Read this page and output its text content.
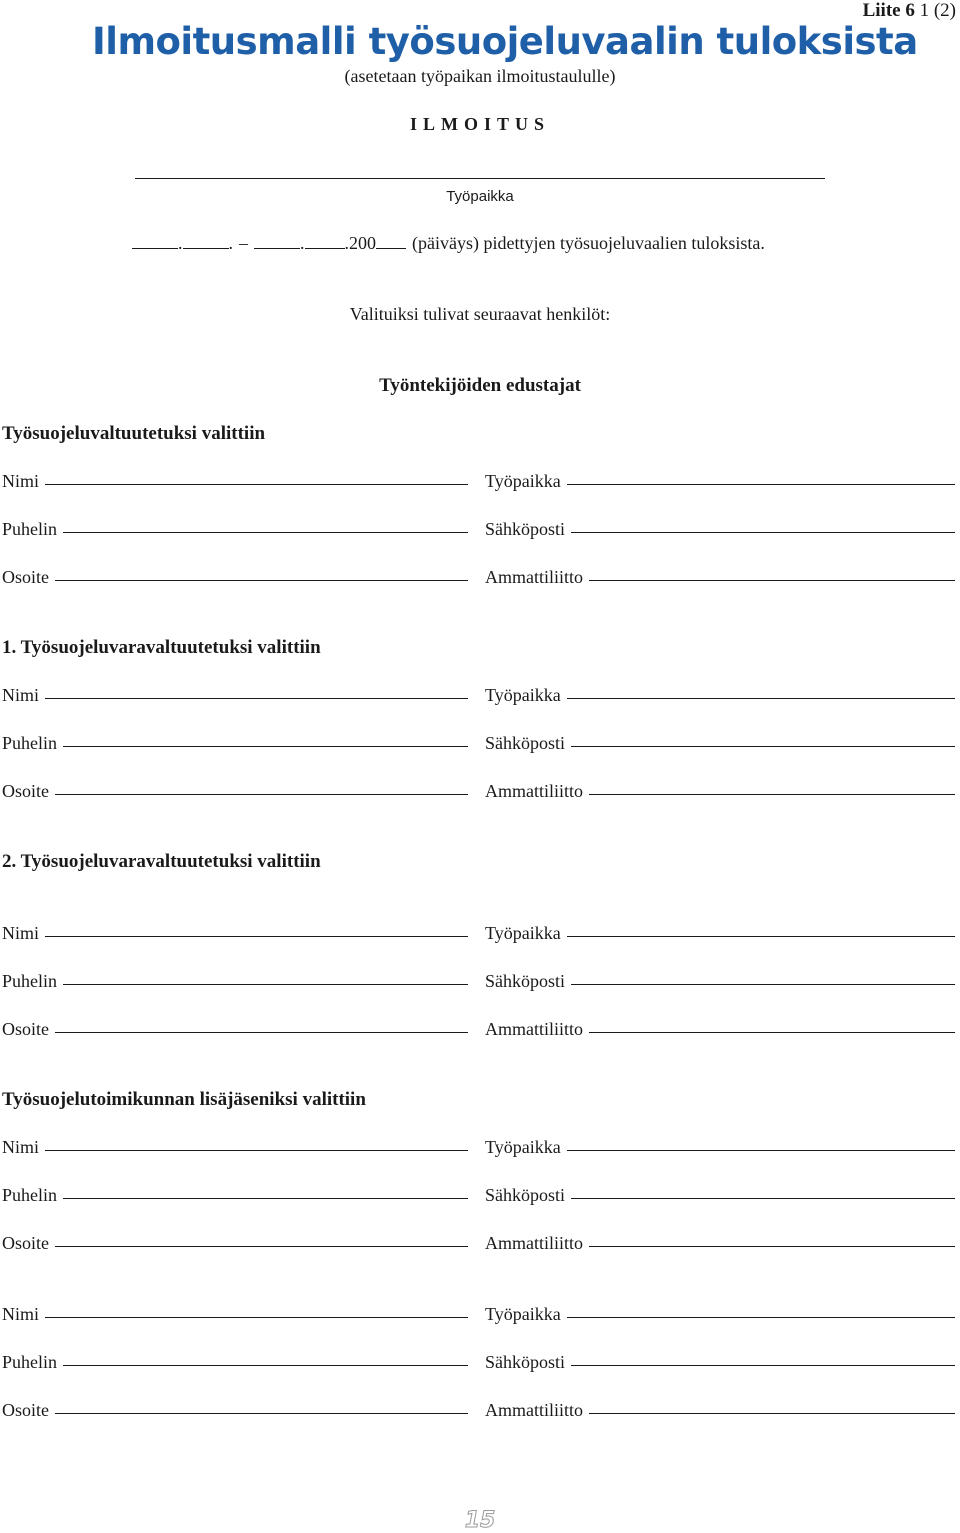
Liite 6 1 (2)
Ilmoitusmalli työsuojeluvaalin tuloksista
(asetetaan työpaikan ilmoitustaululle)
ILMOITUS
Työpaikka
.	. –	. .200 (päiväys) pidettyjen työsuojeluvaalien tuloksista.
Valituiksi tulivat seuraavat henkilöt:
Työntekijöiden edustajat
Työsuojeluvaltuutetuksi valittiin
Nimi	Työpaikka
Puhelin	Sähköposti
Osoite	Ammattiliitto
1. Työsuojeluvaravaltuutetuksi valittiin
Nimi	Työpaikka
Puhelin	Sähköposti
Osoite	Ammattiliitto
2. Työsuojeluvaravaltuutetuksi valittiin
Nimi	Työpaikka
Puhelin	Sähköposti
Osoite	Ammattiliitto
Työsuojelutoimikunnan lisäjäseniksi valittiin
Nimi	Työpaikka
Puhelin	Sähköposti
Osoite	Ammattiliitto
Nimi	Työpaikka
Puhelin	Sähköposti
Osoite	Ammattiliitto
15
